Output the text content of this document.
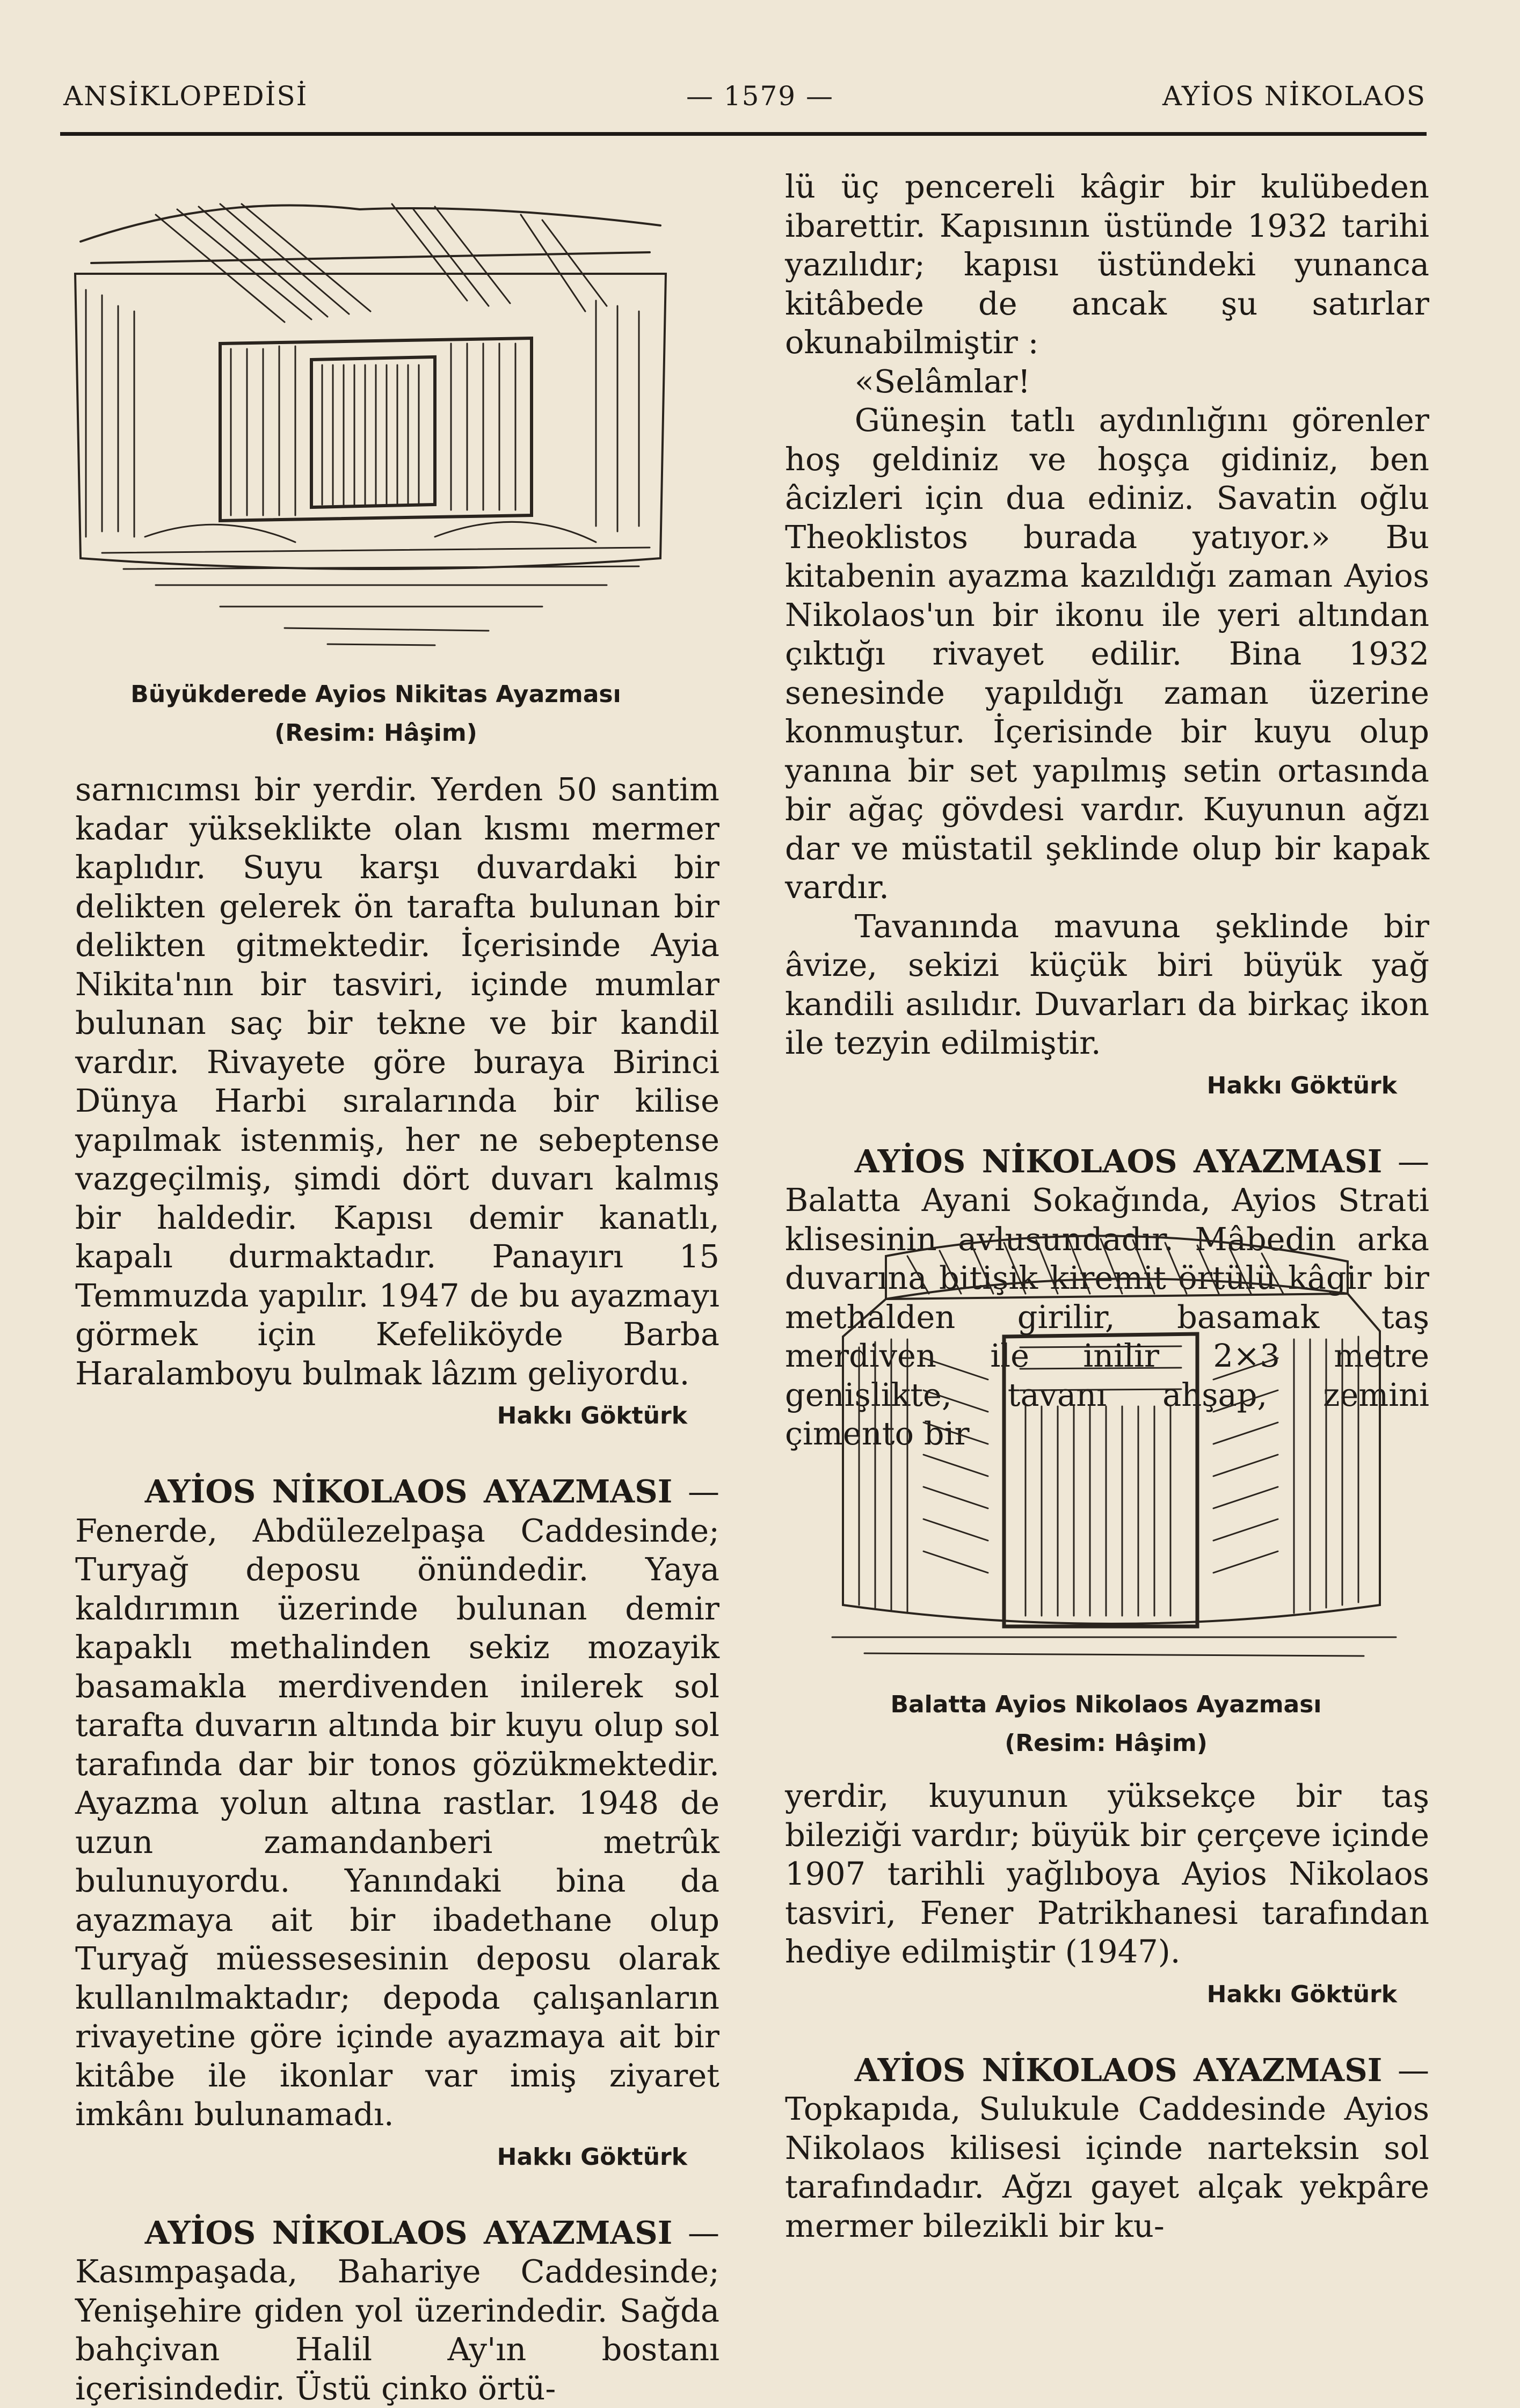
ANSİKLOPEDİSİ	— 1579 —	AYİOS NİKOLAOS
Büyükderede Ayios Nikitas Ayazması
(Resim: Hâşim)

sarnıcımsı bir yerdir. Yerden 50 santim kadar yükseklikte olan kısmı mermer kaplıdır. Suyu karşı duvardaki bir delikten gelerek ön tarafta bulunan bir delikten gitmektedir. İçerisinde Ayia Nikita'nın bir tasviri, içinde mumlar bulunan saç bir tekne ve bir kandil vardır. Rivayete göre buraya Birinci Dünya Harbi sıralarında bir kilise yapılmak istenmiş, her ne sebeptense vazgeçilmiş, şimdi dört duvarı kalmış bir haldedir. Kapısı demir kanatlı, kapalı durmaktadır. Panayırı 15 Temmuzda yapılır. 1947 de bu ayazmayı görmek için Kefeliköyde Barba Haralamboyu bulmak lâzım geliyordu.

Hakkı Göktürk

AYİOS NİKOLAOS AYAZMASI — Fenerde, Abdülezelpaşa Caddesinde; Turyağ deposu önündedir. Yaya kaldırımın üzerinde bulunan demir kapaklı methalinden sekiz mozayik basamakla merdivenden inilerek sol tarafta duvarın altında bir kuyu olup sol tarafında dar bir tonos gözükmektedir. Ayazma yolun altına rastlar. 1948 de uzun zamandanberi metrûk bulunuyordu. Yanındaki bina da ayazmaya ait bir ibadethane olup Turyağ müessesesinin deposu olarak kullanılmaktadır; depoda çalışanların rivayetine göre içinde ayazmaya ait bir kitâbe ile ikonlar var imiş ziyaret imkânı bulunamadı.

Hakkı Göktürk

AYİOS NİKOLAOS AYAZMASI — Kasımpaşada, Bahariye Caddesinde; Yenişehire giden yol üzerindedir. Sağda bahçivan Halil Ay'ın bostanı içerisindedir. Üstü çinko örtü-

lü üç pencereli kâgir bir kulübeden ibarettir. Kapısının üstünde 1932 tarihi yazılıdır; kapısı üstündeki yunanca kitâbede de ancak şu satırlar okunabilmiştir :

«Selâmlar!

Güneşin tatlı aydınlığını görenler hoş geldiniz ve hoşça gidiniz, ben âcizleri için dua ediniz. Savatin oğlu Theoklistos burada yatıyor.» Bu kitabenin ayazma kazıldığı zaman Ayios Nikolaos'un bir ikonu ile yeri altından çıktığı rivayet edilir. Bina 1932 senesinde yapıldığı zaman üzerine konmuştur. İçerisinde bir kuyu olup yanına bir set yapılmış setin ortasında bir ağaç gövdesi vardır. Kuyunun ağzı dar ve müstatil şeklinde olup bir kapak vardır.

Tavanında mavuna şeklinde bir âvize, sekizi küçük biri büyük yağ kandili asılıdır. Duvarları da birkaç ikon ile tezyin edilmiştir.

Hakkı Göktürk

AYİOS NİKOLAOS AYAZMASI — Balatta Ayani Sokağında, Ayios Strati klisesinin avlusundadır. Mâbedin arka duvarına bitişik kiremit örtülü kâgir bir methalden girilir, basamak taş merdiven ile inilir 2×3 metre genişlikte, tavanı ahşap, zemini çimento bir

Balatta Ayios Nikolaos Ayazması
(Resim: Hâşim)

yerdir, kuyunun yüksekçe bir taş bileziği vardır; büyük bir çerçeve içinde 1907 tarihli yağlıboya Ayios Nikolaos tasviri, Fener Patrikhanesi tarafından hediye edilmiştir (1947).

Hakkı Göktürk

AYİOS NİKOLAOS AYAZMASI — Topkapıda, Sulukule Caddesinde Ayios Nikolaos kilisesi içinde narteksin sol tarafındadır. Ağzı gayet alçak yekpâre mermer bilezikli bir ku-
